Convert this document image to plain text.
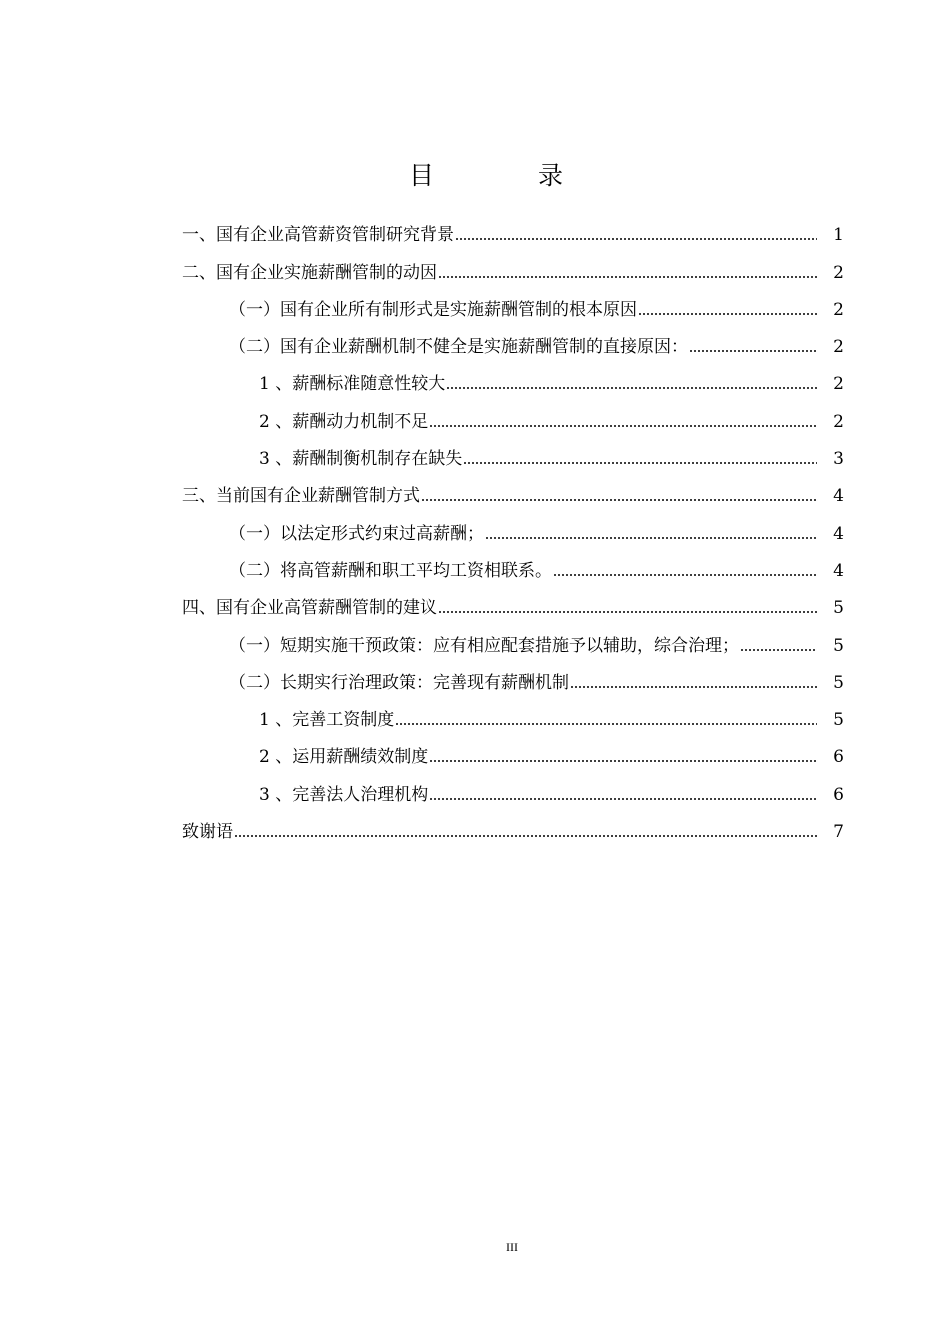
目 录
一、国有企业高管薪资管制研究背景	1
二、国有企业实施薪酬管制的动因	2
（一）国有企业所有制形式是实施薪酬管制的根本原因	2
（二）国有企业薪酬机制不健全是实施薪酬管制的直接原因：	2
1 、薪酬标准随意性较大	2
2 、薪酬动力机制不足	2
3 、薪酬制衡机制存在缺失	3
三、当前国有企业薪酬管制方式	4
（一）以法定形式约束过高薪酬；	4
（二）将高管薪酬和职工平均工资相联系。	4
四、国有企业高管薪酬管制的建议	5
（一）短期实施干预政策：应有相应配套措施予以辅助，综合治理；	5
（二）长期实行治理政策：完善现有薪酬机制	5
1 、完善工资制度	5
2 、运用薪酬绩效制度	6
3 、完善法人治理机构	6
致谢语	7
III
